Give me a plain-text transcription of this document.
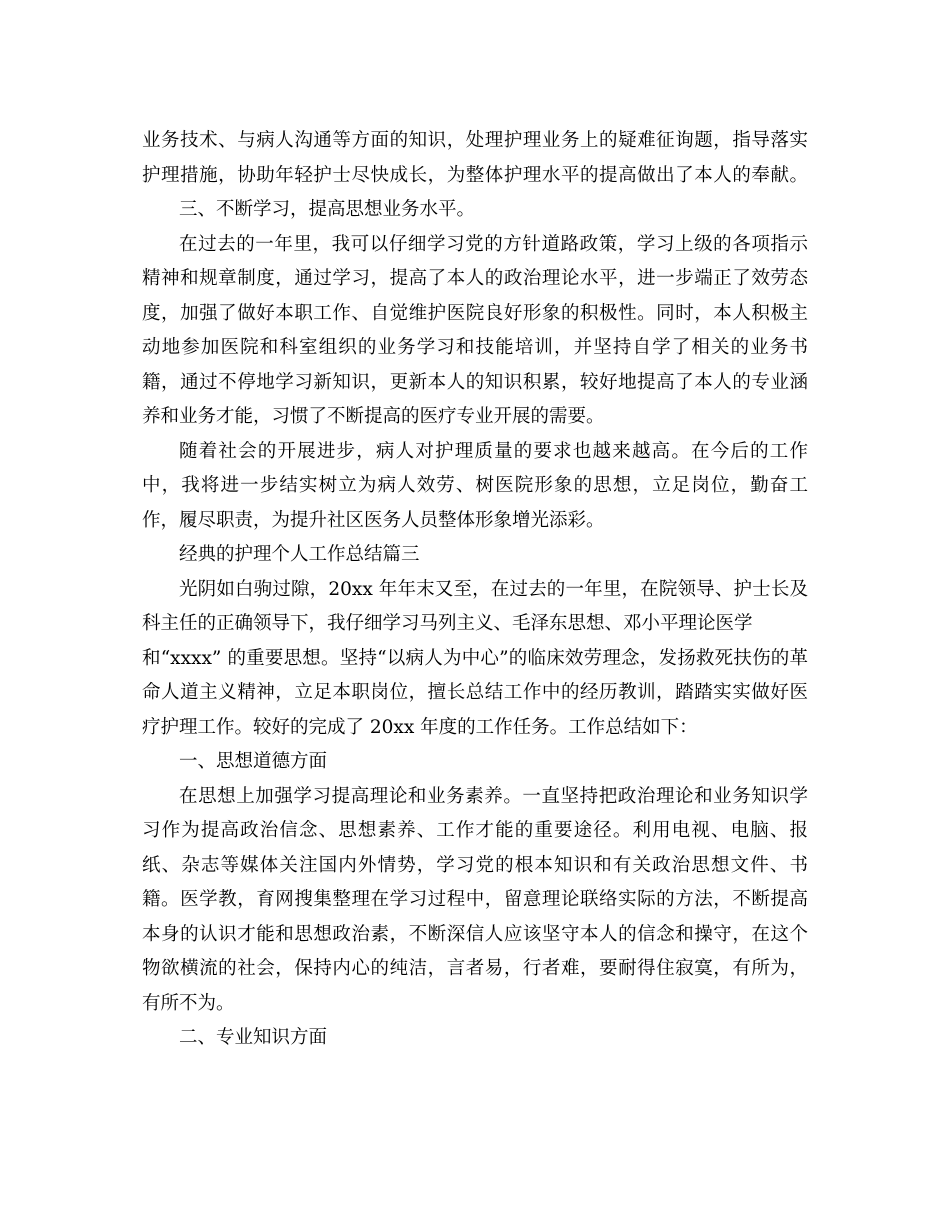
业务技术、与病人沟通等方面的知识，处理护理业务上的疑难征询题，指导落实
护理措施，协助年轻护士尽快成长，为整体护理水平的提高做出了本人的奉献。
三、不断学习，提高思想业务水平。
在过去的一年里，我可以仔细学习党的方针道路政策，学习上级的各项指示
精神和规章制度，通过学习，提高了本人的政治理论水平，进一步端正了效劳态
度，加强了做好本职工作、自觉维护医院良好形象的积极性。同时，本人积极主
动地参加医院和科室组织的业务学习和技能培训，并坚持自学了相关的业务书
籍，通过不停地学习新知识，更新本人的知识积累，较好地提高了本人的专业涵
养和业务才能，习惯了不断提高的医疗专业开展的需要。
随着社会的开展进步，病人对护理质量的要求也越来越高。在今后的工作
中，我将进一步结实树立为病人效劳、树医院形象的思想，立足岗位，勤奋工
作，履尽职责，为提升社区医务人员整体形象增光添彩。
经典的护理个人工作总结篇三
光阴如白驹过隙，20xx 年年末又至，在过去的一年里，在院领导、护士长及
科主任的正确领导下，我仔细学习马列主义、毛泽东思想、邓小平理论医学
和“xxxx” 的重要思想。坚持“以病人为中心”的临床效劳理念，发扬救死扶伤的革
命人道主义精神，立足本职岗位，擅长总结工作中的经历教训，踏踏实实做好医
疗护理工作。较好的完成了 20xx 年度的工作任务。工作总结如下：
一、思想道德方面
在思想上加强学习提高理论和业务素养。一直坚持把政治理论和业务知识学
习作为提高政治信念、思想素养、工作才能的重要途径。利用电视、电脑、报
纸、杂志等媒体关注国内外情势，学习党的根本知识和有关政治思想文件、书
籍。医学教，育网搜集整理在学习过程中，留意理论联络实际的方法，不断提高
本身的认识才能和思想政治素，不断深信人应该坚守本人的信念和操守，在这个
物欲横流的社会，保持内心的纯洁，言者易，行者难，要耐得住寂寞，有所为，
有所不为。
二、专业知识方面
